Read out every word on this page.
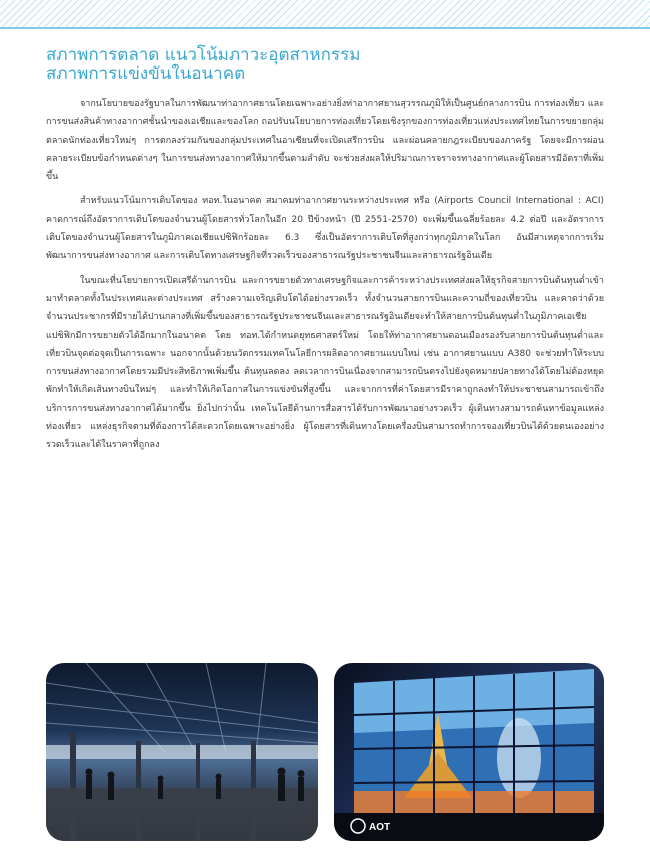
สภาพการตลาด แนวโน้มภาวะอุตสาหกรรม
สภาพการแข่งขันในอนาคต

จากนโยบายของรัฐบาลในการพัฒนาท่าอากาศยานโดยเฉพาะอย่างยิ่งท่าอากาศยานสุวรรณภูมิให้เป็นศูนย์กลางการบิน การท่องเที่ยว และการขนส่งสินค้าทางอากาศชั้นนำของเอเชียและของโลก ถอปรับนโยบายการท่องเที่ยวโดยเชิงรุกของการท่องเที่ยวแห่งประเทศไทยในการขยายกลุ่มตลาดนักท่องเที่ยวใหม่ๆ การตกลงร่วมกันของกลุ่มประเทศในอาเซียนที่จะเปิดเสรีการบิน และผ่อนคลายกฎระเบียบของภาครัฐ โดยจะมีการผ่อนคลายระเบียบข้อกำหนดต่างๆ ในการขนส่งทางอากาศให้มากขึ้นตามลำดับ จะช่วยส่งผลให้ปริมาณการจราจรทางอากาศและผู้โดยสารมีอัตราที่เพิ่มขึ้น

สำหรับแนวโน้มการเติบโตของ ทอท.ในอนาคต สมาคมท่าอากาศยานระหว่างประเทศ หรือ (Airports Council International : ACI) คาดการณ์ถึงอัตราการเติบโตของจำนวนผู้โดยสารทั่วโลกในอีก 20 ปีข้างหน้า (ปี 2551-2570) จะเพิ่มขึ้นเฉลี่ยร้อยละ 4.2 ต่อปี และอัตราการเติบโตของจำนวนผู้โดยสารในภูมิภาคเอเชียแปซิฟิกร้อยละ 6.3 ซึ่งเป็นอัตราการเติบโตที่สูงกว่าทุกภูมิภาคในโลก อันมีสาเหตุจากการเริ่มพัฒนาการขนส่งทางอากาศ และการเติบโตทางเศรษฐกิจที่รวดเร็วของสาธารณรัฐประชาชนจีนและสาธารณรัฐอินเดีย

ในขณะที่นโยบายการเปิดเสรีด้านการบิน และการขยายตัวทางเศรษฐกิจและการค้าระหว่างประเทศส่งผลให้ธุรกิจสายการบินต้นทุนต่ำเข้ามาทำตลาดทั้งในประเทศและต่างประเทศ สร้างความเจริญเติบโตได้อย่างรวดเร็ว ทั้งจำนวนสายการบินและความถี่ของเที่ยวบิน และคาดว่าด้วยจำนวนประชากรที่มีรายได้ปานกลางที่เพิ่มขึ้นของสาธารณรัฐประชาชนจีนและสาธารณรัฐอินเดียจะทำให้สายการบินต้นทุนต่ำในภูมิภาคเอเชียแปซิฟิกมีการขยายตัวได้อีกมากในอนาคต โดย ทอท.ได้กำหนดยุทธศาสตร์ใหม่ โดยให้ท่าอากาศยานดอนเมืองรองรับสายการบินต้นทุนต่ำและเที่ยวบินจุดต่อจุดเป็นการเฉพาะ นอกจากนั้นด้วยนวัตกรรมเทคโนโลยีการผลิตอากาศยานแบบใหม่ เช่น อากาศยานแบบ A380 จะช่วยทำให้ระบบการขนส่งทางอากาศโดยรวมมีประสิทธิภาพเพิ่มขึ้น ต้นทุนลดลง ลดเวลาการบินเนื่องจากสามารถบินตรงไปยังจุดหมายปลายทางได้โดยไม่ต้องหยุดพักทำให้เกิดเส้นทางบินใหม่ๆ และทำให้เกิดโอกาสในการแข่งขันที่สูงขึ้น และจากการที่ค่าโดยสารมีราคาถูกลงทำให้ประชาชนสามารถเข้าถึงบริการการขนส่งทางอากาศได้มากขึ้น ยิ่งไปกว่านั้น เทคโนโลยีด้านการสื่อสารได้รับการพัฒนาอย่างรวดเร็ว ผู้เดินทางสามารถค้นหาข้อมูลแหล่งท่องเที่ยว แหล่งธุรกิจตามที่ต้องการได้สะดวกโดยเฉพาะอย่างยิ่ง ผู้โดยสารที่เดินทางโดยเครื่องบินสามารถทำการจองเที่ยวบินได้ด้วยตนเองอย่างรวดเร็วและได้ในราคาที่ถูกลง

AOT
